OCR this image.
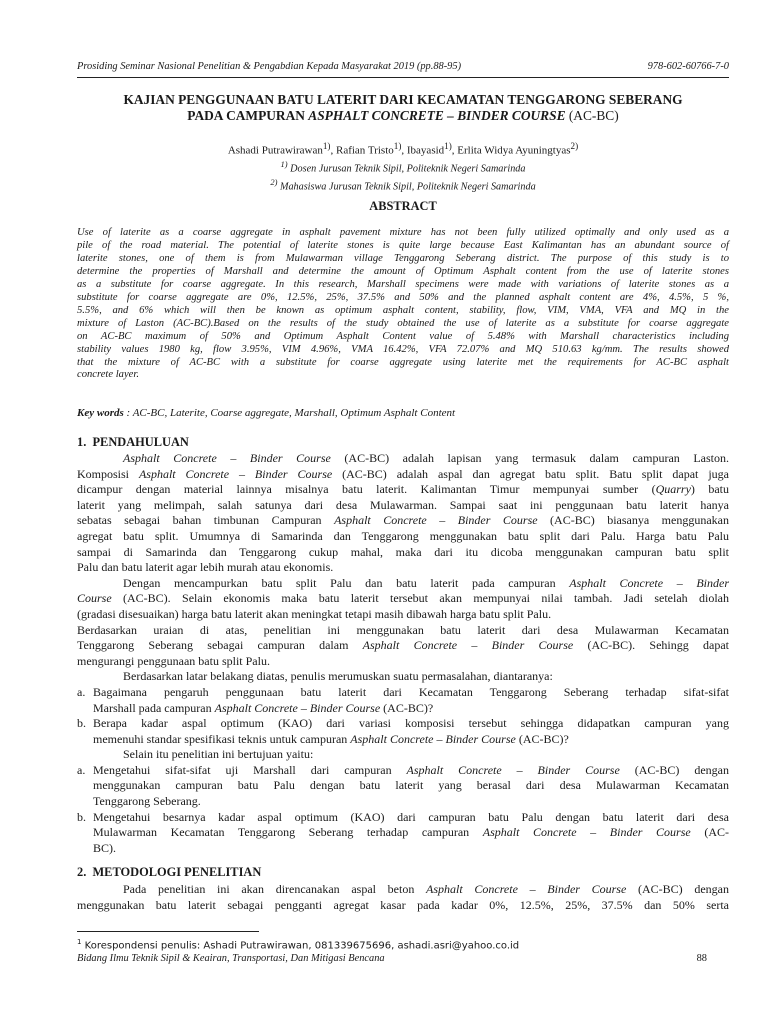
Prosiding Seminar Nasional Penelitian & Pengabdian Kepada Masyarakat 2019 (pp.88-95)	978-602-60766-7-0
KAJIAN PENGGUNAAN BATU LATERIT DARI KECAMATAN TENGGARONG SEBERANG
PADA CAMPURAN ASPHALT CONCRETE – BINDER COURSE (AC-BC)
Ashadi Putrawirawan$^{1)}$, Rafian Tristo$^{1)}$, Ibayasid$^{1)}$, Erlita Widya Ayuningtyas$^{2)}$
$^{1)}$ Dosen Jurusan Teknik Sipil, Politeknik Negeri Samarinda
$^{2)}$ Mahasiswa Jurusan Teknik Sipil, Politeknik Negeri Samarinda
ABSTRACT
Use of laterite as a coarse aggregate in asphalt pavement mixture has not been fully utilized optimally and only used as a
pile of the road material. The potential of laterite stones is quite large because East Kalimantan has an abundant source of
laterite stones, one of them is from Mulawarman village Tenggarong Seberang district. The purpose of this study is to
determine the properties of Marshall and determine the amount of Optimum Asphalt content from the use of laterite stones
as a substitute for coarse aggregate. In this research, Marshall specimens were made with variations of laterite stones as a
substitute for coarse aggregate are 0%, 12.5%, 25%, 37.5% and 50% and the planned asphalt content are 4%, 4.5%, 5 %,
5.5%, and 6% which will then be known as optimum asphalt content, stability, flow, VIM, VMA, VFA and MQ in the
mixture of Laston (AC-BC).Based on the results of the study obtained the use of laterite as a substitute for coarse aggregate
on AC-BC maximum of 50% and Optimum Asphalt Content value of 5.48% with Marshall characteristics including
stability values 1980 kg, flow 3.95%, VIM 4.96%, VMA 16.42%, VFA 72.07% and MQ 510.63 kg/mm. The results showed
that the mixture of AC-BC with a substitute for coarse aggregate using laterite met the requirements for AC-BC asphalt
concrete layer.
Key words : AC-BC, Laterite, Coarse aggregate, Marshall, Optimum Asphalt Content
1.  PENDAHULUAN
Asphalt Concrete – Binder Course (AC-BC) adalah lapisan yang termasuk dalam campuran Laston.
Komposisi Asphalt Concrete – Binder Course (AC-BC) adalah aspal dan agregat batu split. Batu split dapat juga
dicampur dengan material lainnya misalnya batu laterit. Kalimantan Timur mempunyai sumber (Quarry) batu
laterit yang melimpah, salah satunya dari desa Mulawarman. Sampai saat ini penggunaan batu laterit hanya
sebatas sebagai bahan timbunan Campuran Asphalt Concrete – Binder Course (AC-BC) biasanya menggunakan
agregat batu split. Umumnya di Samarinda dan Tenggarong menggunakan batu split dari Palu. Harga batu Palu
sampai di Samarinda dan Tenggarong cukup mahal, maka dari itu dicoba menggunakan campuran batu split
Palu dan batu laterit agar lebih murah atau ekonomis.
Dengan mencampurkan batu split Palu dan batu laterit pada campuran Asphalt Concrete – Binder
Course (AC-BC). Selain ekonomis maka batu laterit tersebut akan mempunyai nilai tambah. Jadi setelah diolah
(gradasi disesuaikan) harga batu laterit akan meningkat tetapi masih dibawah harga batu split Palu.
Berdasarkan uraian di atas, penelitian ini menggunakan batu laterit dari desa Mulawarman Kecamatan
Tenggarong Seberang sebagai campuran dalam Asphalt Concrete – Binder Course (AC-BC). Sehingg dapat
mengurangi penggunaan batu split Palu.
Berdasarkan latar belakang diatas, penulis merumuskan suatu permasalahan, diantaranya:
a. Bagaimana pengaruh penggunaan batu laterit dari Kecamatan Tenggarong Seberang terhadap sifat-sifat
Marshall pada campuran Asphalt Concrete – Binder Course (AC-BC)?
b. Berapa kadar aspal optimum (KAO) dari variasi komposisi tersebut sehingga didapatkan campuran yang
memenuhi standar spesifikasi teknis untuk campuran Asphalt Concrete – Binder Course (AC-BC)?
Selain itu penelitian ini bertujuan yaitu:
a. Mengetahui sifat-sifat uji Marshall dari campuran Asphalt Concrete – Binder Course (AC-BC) dengan
menggunakan campuran batu Palu dengan batu laterit yang berasal dari desa Mulawarman Kecamatan
Tenggarong Seberang.
b. Mengetahui besarnya kadar aspal optimum (KAO) dari campuran batu Palu dengan batu laterit dari desa
Mulawarman Kecamatan Tenggarong Seberang terhadap campuran Asphalt Concrete – Binder Course (AC-
BC).
2.  METODOLOGI PENELITIAN
Pada penelitian ini akan direncanakan aspal beton Asphalt Concrete – Binder Course (AC-BC) dengan
menggunakan batu laterit sebagai pengganti agregat kasar pada kadar 0%, 12.5%, 25%, 37.5% dan 50% serta
$^1$ Korespondensi penulis: Ashadi Putrawirawan, 081339675696, ashadi.asri@yahoo.co.id
Bidang Ilmu Teknik Sipil & Keairan, Transportasi, Dan Mitigasi Bencana	88
